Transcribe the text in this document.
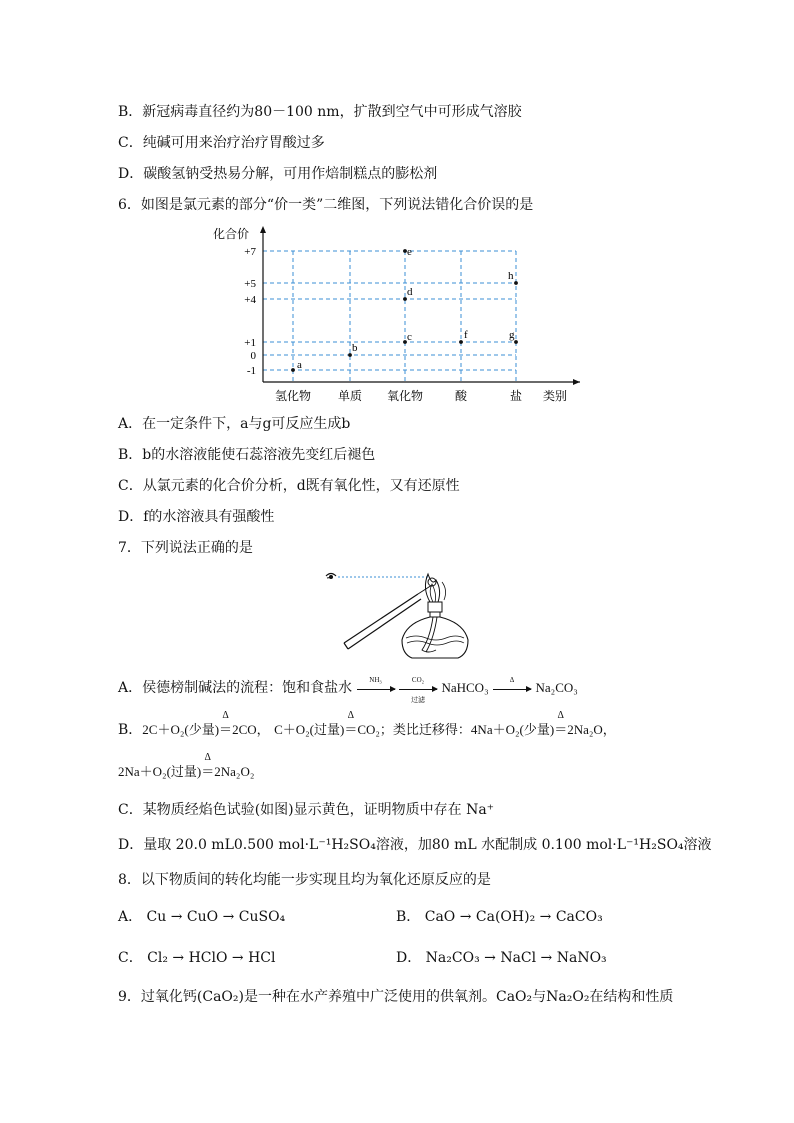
B．新冠病毒直径约为80－100 nm，扩散到空气中可形成气溶胶
C．纯碱可用来治疗治疗胃酸过多
D．碳酸氢钠受热易分解，可用作焙制糕点的膨松剂
6．如图是氯元素的部分“价一类”二维图，下列说法错化合价误的是
化合价
类别
+7
+5
+4
+1
0
-1
氢化物 单质 氧化物	酸	盐
a
b
c
d
e
f	g
h
A．在一定条件下，a与g可反应生成b
B．b的水溶液能使石蕊溶液先变红后褪色
C．从氯元素的化合价分析，d既有氧化性，又有还原性
D．f的水溶液具有强酸性
7．下列说法正确的是
A．侯德榜制碱法的流程：饱和食盐水
NH₃
	CO₂
过滤
NaHCO₃
Δ
Na₂CO₃
B．2C＋O₂(少量)
Δ
＝2CO， C＋O₂(过量)
Δ
＝CO₂；类比迁移得：4Na＋O₂(少量)
Δ
＝2Na₂O，
2Na＋O₂(过量)
Δ
＝2Na₂O₂
C．某物质经焰色试验(如图)显示黄色，证明物质中存在 Na⁺
D．量取 20.0 mL0.500 mol·L⁻¹H₂SO₄溶液，加80 mL 水配制成 0.100 mol·L⁻¹H₂SO₄溶液
8．以下物质间的转化均能一步实现且均为氧化还原反应的是
A． Cu → CuO → CuSO₄	B． CaO → Ca(OH)₂ → CaCO₃
C． Cl₂ → HClO → HCl	D． Na₂CO₃ → NaCl → NaNO₃
9．过氧化钙(CaO₂)是一种在水产养殖中广泛使用的供氧剂。CaO₂与Na₂O₂在结构和性质
